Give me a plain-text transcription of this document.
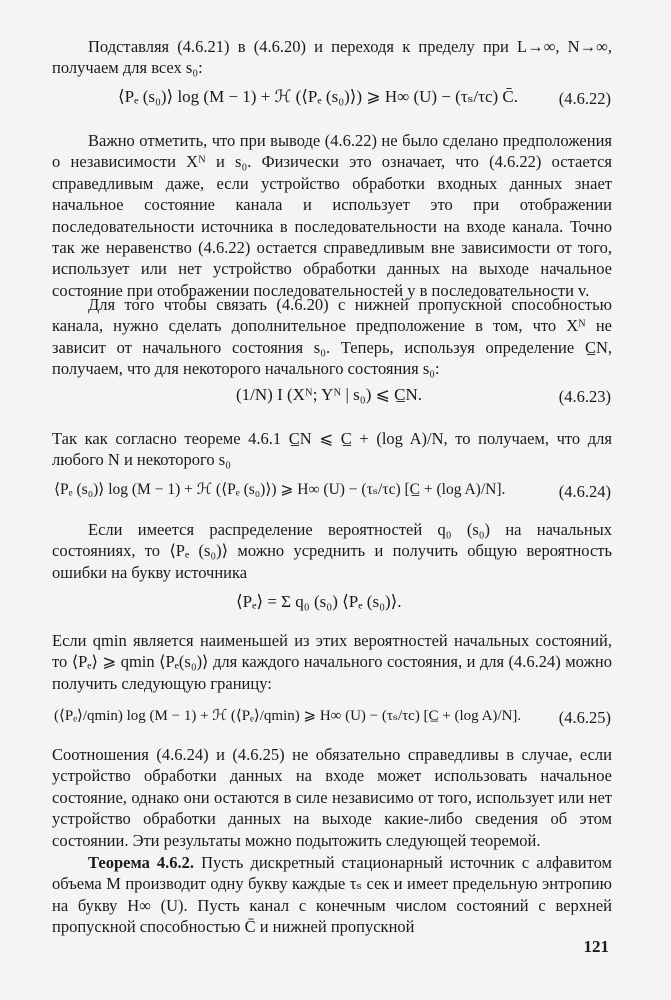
Подставляя (4.6.21) в (4.6.20) и переходя к пределу при L→∞, N→∞, получаем для всех s₀:

⟨Pₑ (s₀)⟩ log (M − 1) + ℋ (⟨Pₑ (s₀)⟩) ⩾ H∞ (U) − (τₛ/τc) C̄. (4.6.22)

Важно отметить, что при выводе (4.6.22) не было сделано предположения о независимости Xᴺ и s₀. Физически это означает, что (4.6.22) остается справедливым даже, если устройство обработки входных данных знает начальное состояние канала и использует это при отображении последовательности источника в последовательности на входе канала. Точно так же неравенство (4.6.22) остается справедливым вне зависимости от того, использует или нет устройство обработки данных на выходе начальное состояние при отображении последовательностей y в последовательности v.

Для того чтобы связать (4.6.20) с нижней пропускной способностью канала, нужно сделать дополнительное предположение в том, что Xᴺ не зависит от начального состояния s₀. Теперь, используя определение C̲N, получаем, что для некоторого начального состояния s₀:

(1/N) I (Xᴺ; Yᴺ | s₀) ⩽ C̲N.	(4.6.23)

Так как согласно теореме 4.6.1 C̲N ⩽ C̲ + (log A)/N, то получаем, что для любого N и некоторого s₀

⟨Pₑ (s₀)⟩ log (M − 1) + ℋ (⟨Pₑ (s₀)⟩) ⩾ H∞ (U) − (τₛ/τc) [C̲ + (log A)/N].	(4.6.24)

Если имеется распределение вероятностей q₀ (s₀) на начальных состояниях, то ⟨Pₑ (s₀)⟩ можно усреднить и получить общую вероятность ошибки на букву источника

⟨Pₑ⟩ = Σ q₀ (s₀) ⟨Pₑ (s₀)⟩.

Если qmin является наименьшей из этих вероятностей начальных состояний, то ⟨Pₑ⟩ ⩾ qmin ⟨Pₑ(s₀)⟩ для каждого начального состояния, и для (4.6.24) можно получить следующую границу:

(⟨Pₑ⟩/qmin) log (M − 1) + ℋ (⟨Pₑ⟩/qmin) ⩾ H∞ (U) − (τₛ/τc) [C̲ + (log A)/N]. (4.6.25)

Соотношения (4.6.24) и (4.6.25) не обязательно справедливы в случае, если устройство обработки данных на входе может использовать начальное состояние, однако они остаются в силе независимо от того, использует или нет устройство обработки данных на выходе какие-либо сведения об этом состоянии. Эти результаты можно подытожить следующей теоремой.

Теорема 4.6.2. Пусть дискретный стационарный источник с алфавитом объема M производит одну букву каждые τₛ сек и имеет предельную энтропию на букву H∞ (U). Пусть канал с конечным числом состояний с верхней пропускной способностью C̄ и нижней пропускной

121
